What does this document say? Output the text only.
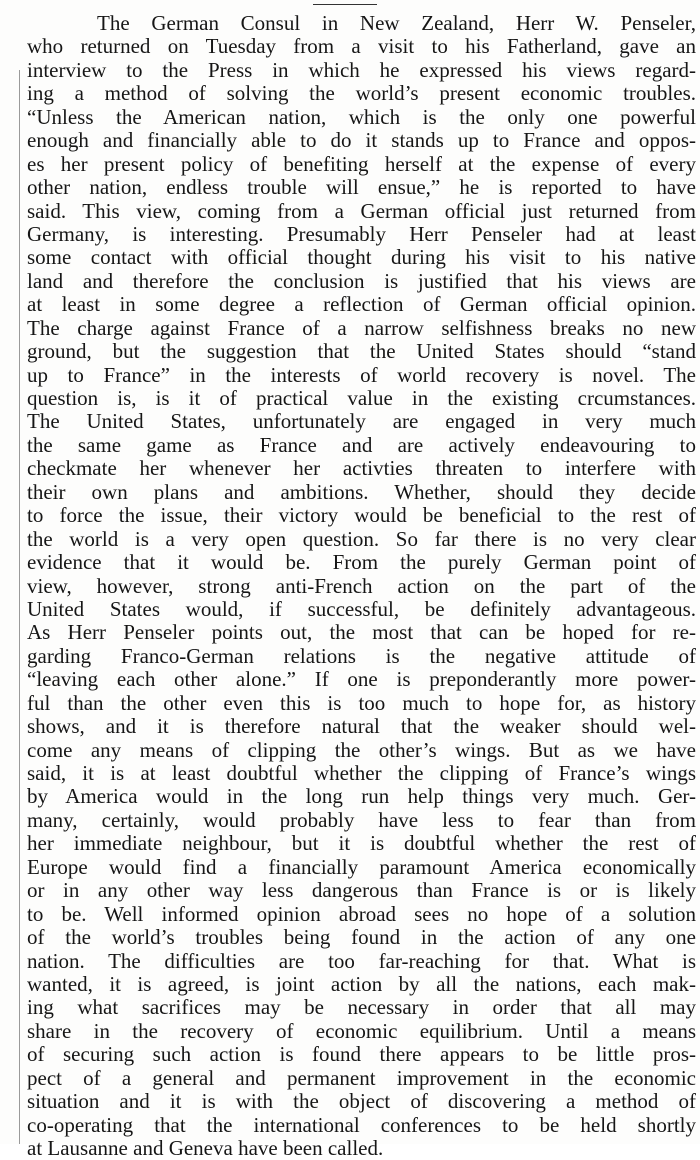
The German Consul in New Zealand, Herr W. Penseler,
who returned on Tuesday from a visit to his Fatherland, gave an
interview to the Press in which he expressed his views regard-
ing a method of solving the world’s present economic troubles.
“Unless the American nation, which is the only one powerful
enough and financially able to do it stands up to France and oppos-
es her present policy of benefiting herself at the expense of every
other nation, endless trouble will ensue,” he is reported to have
said. This view, coming from a German official just returned from
Germany, is interesting. Presumably Herr Penseler had at least
some contact with official thought during his visit to his native
land and therefore the conclusion is justified that his views are
at least in some degree a reflection of German official opinion.
The charge against France of a narrow selfishness breaks no new
ground, but the suggestion that the United States should “stand
up to France” in the interests of world recovery is novel. The
question is, is it of practical value in the existing crcumstances.
The United States, unfortunately are engaged in very much
the same game as France and are actively endeavouring to
checkmate her whenever her activties threaten to interfere with
their own plans and ambitions. Whether, should they decide
to force the issue, their victory would be beneficial to the rest of
the world is a very open question. So far there is no very clear
evidence that it would be. From the purely German point of
view, however, strong anti-French action on the part of the
United States would, if successful, be definitely advantageous.
As Herr Penseler points out, the most that can be hoped for re-
garding Franco-German relations is the negative attitude of
“leaving each other alone.” If one is preponderantly more power-
ful than the other even this is too much to hope for, as history
shows, and it is therefore natural that the weaker should wel-
come any means of clipping the other’s wings. But as we have
said, it is at least doubtful whether the clipping of France’s wings
by America would in the long run help things very much. Ger-
many, certainly, would probably have less to fear than from
her immediate neighbour, but it is doubtful whether the rest of
Europe would find a financially paramount America economically
or in any other way less dangerous than France is or is likely
to be. Well informed opinion abroad sees no hope of a solution
of the world’s troubles being found in the action of any one
nation. The difficulties are too far-reaching for that. What is
wanted, it is agreed, is joint action by all the nations, each mak-
ing what sacrifices may be necessary in order that all may
share in the recovery of economic equilibrium. Until a means
of securing such action is found there appears to be little pros-
pect of a general and permanent improvement in the economic
situation and it is with the object of discovering a method of
co-operating that the international conferences to be held shortly
at Lausanne and Geneva have been called.
